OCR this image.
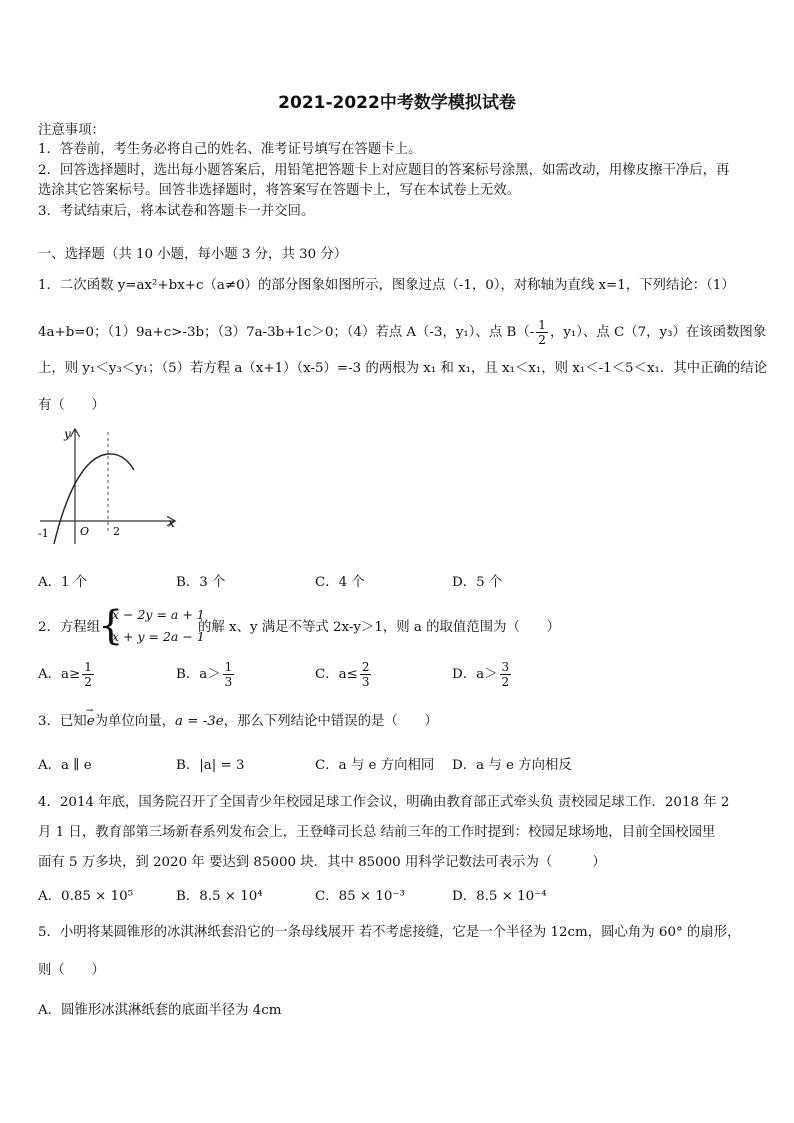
2021-2022中考数学模拟试卷
注意事项：
1．答卷前，考生务必将自己的姓名、准考证号填写在答题卡上。
2．回答选择题时，选出每小题答案后，用铅笔把答题卡上对应题目的答案标号涂黑，如需改动，用橡皮擦干净后，再
选涂其它答案标号。回答非选择题时，将答案写在答题卡上，写在本试卷上无效。
3．考试结束后，将本试卷和答题卡一并交回。
一、选择题（共 10 小题，每小题 3 分，共 30 分）
1．二次函数 y=ax²+bx+c（a≠0）的部分图象如图所示，图象过点（-1，0），对称轴为直线 x=1，下列结论：（1）
4a+b=0；（1）9a+c>-3b；（3）7a-3b+1c＞0；（4）若点 A（-3，y₁）、点 $B(- \frac{1}{2}$ ，y₁）、点 C（7，y₃）在该函数图象
上，则 y₁＜y₃＜y₁；（5）若方程 a（x+1）（x-5）=-3 的两根为 x₁ 和 x₁，且 x₁＜x₁，则 x₁＜-1＜5＜x₁．其中正确的结论
有（　　）
y
x
-1	O 2
A．1 个	B．3 个	C．4 个	D．5 个
2．方程组
{
x − 2y = a + 1
x + y = 2a − 1
的解 x、y 满足不等式 2x-y＞1，则 a 的取值范围为（　　）
A．$a\ge \frac{1}{2}$	B．$a> \frac{1}{3}$	C．$a\le \frac{2}{3}$	D．$a> \frac{3}{2}$
3．已知e →为单位向量，a = -3e，那么下列结论中错误的是（　　）
A．a ∥ e	B．|a| = 3	C．a 与 e 方向相同 D．a 与 e 方向相反
4．2014 年底，国务院召开了全国青少年校园足球工作会议，明确由教育部正式牵头负 责校园足球工作．2018 年 2
月 1 日，教育部第三场新春系列发布会上，王登峰司长总 结前三年的工作时提到：校园足球场地，目前全国校园里
面有 5 万多块，到 2020 年 要达到 85000 块．其中 85000 用科学记数法可表示为（　　　）
A．0.85 × 10⁵	B．8.5 × 10⁴	C．85 × 10⁻³	D．8.5 × 10⁻⁴
5．小明将某圆锥形的冰淇淋纸套沿它的一条母线展开 若不考虑接缝，它是一个半径为 12cm，圆心角为 60° 的扇形，
则（　　）
A．圆锥形冰淇淋纸套的底面半径为 4cm
